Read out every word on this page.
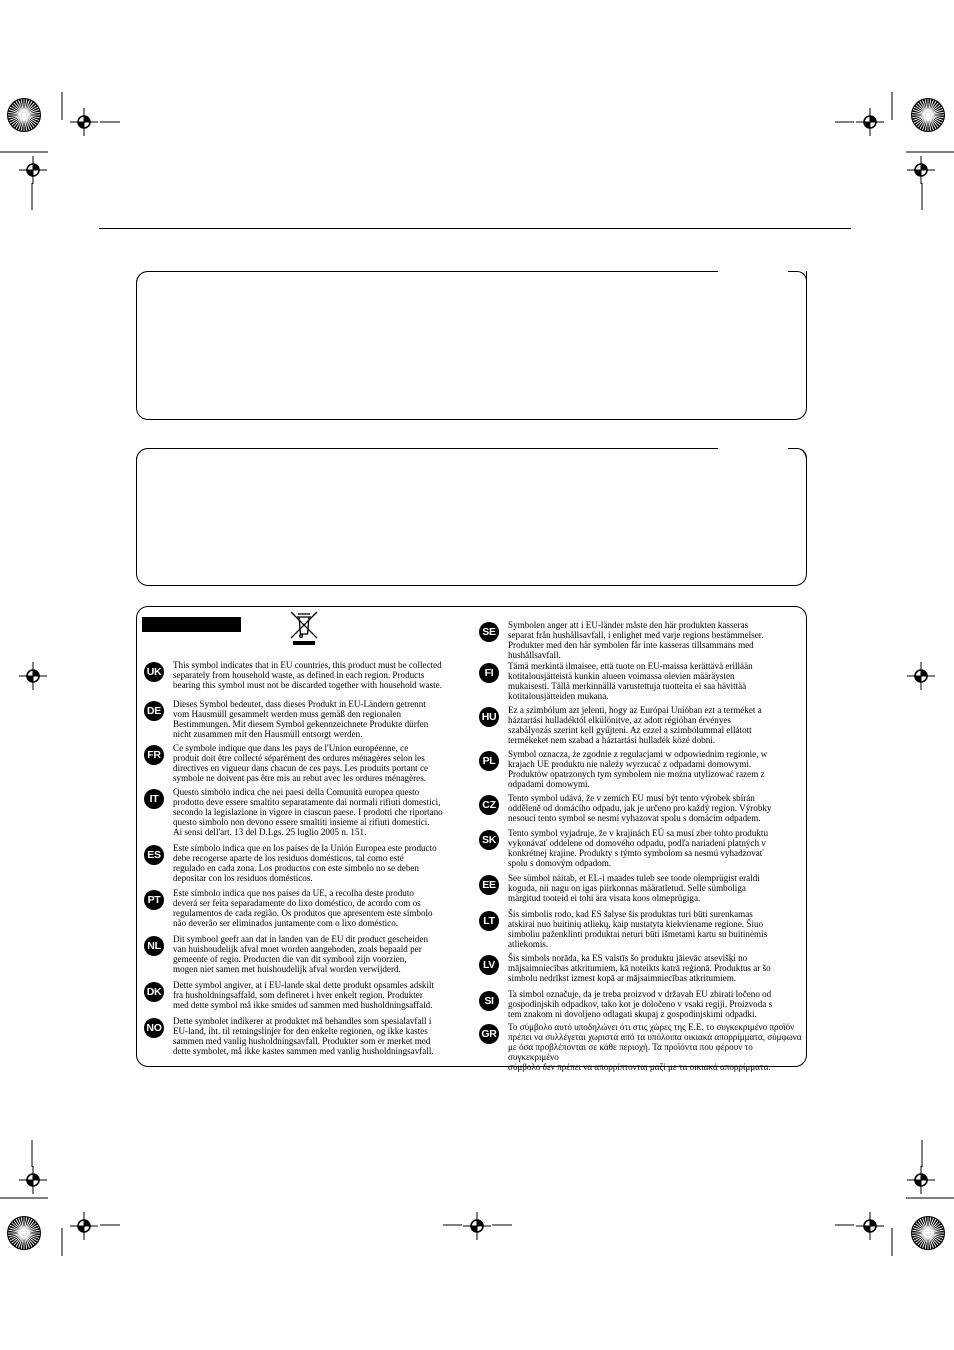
UK
This symbol indicates that in EU countries, this product must be collected
separately from household waste, as defined in each region. Products
bearing this symbol must not be discarded together with household waste.
DE
Dieses Symbol bedeutet, dass dieses Produkt in EU-Ländern getrennt
vom Hausmüll gesammelt werden muss gemäß den regionalen
Bestimmungen. Mit diesem Symbol gekennzeichnete Produkte dürfen
nicht zusammen mit den Hausmüll entsorgt werden.
FR
Ce symbole indique que dans les pays de l'Union européenne, ce
produit doit être collecté séparément des ordures ménagères selon les
directives en vigueur dans chacun de ces pays. Les produits portant ce
symbole ne doivent pas être mis au rebut avec les ordures ménagères.
IT
Questo simbolo indica che nei paesi della Comunità europea questo
prodotto deve essere smaltito separatamente dai normali rifiuti domestici,
secondo la legislazione in vigore in ciascun paese. I prodotti che riportano
questo simbolo non devono essere smaltiti insieme ai rifiuti domestici.
Ai sensi dell'art. 13 del D.Lgs. 25 luglio 2005 n. 151.
ES
Este símbolo indica que en los países de la Unión Europea este producto
debe recogerse aparte de los residuos domésticos, tal como esté
regulado en cada zona. Los productos con este símbolo no se deben
depositar con los residuos domésticos.
PT
Este símbolo indica que nos países da UE, a recolha deste produto
deverá ser feita separadamente do lixo doméstico, de acordo com os
regulamentos de cada região. Os produtos que apresentem este símbolo
não deverão ser eliminados juntamente com o lixo doméstico.
NL
Dit symbool geeft aan dat in landen van de EU dit product gescheiden
van huishoudelijk afval moet worden aangeboden, zoals bepaald per
gemeente of regio. Producten die van dit symbool zijn voorzien,
mogen niet samen met huishoudelijk afval worden verwijderd.
DK
Dette symbol angiver, at i EU-lande skal dette produkt opsamles adskilt
fra husholdningsaffald, som defineret i hver enkelt region. Produkter
med dette symbol må ikke smides ud sammen med husholdningsaffald.
NO
Dette symbolet indikerer at produktet må behandles som spesialavfall i
EU-land, iht. til retningslinjer for den enkelte regionen, og ikke kastes
sammen med vanlig husholdningsavfall. Produkter som er merket med
dette symbolet, må ikke kastes sammen med vanlig husholdningsavfall.
SE
Symbolen anger att i EU-länder måste den här produkten kasseras
separat från hushållsavfall, i enlighet med varje regions bestämmelser.
Produkter med den här symbolen får inte kasseras tillsammans med
hushållsavfall.
FI
Tämä merkintä ilmaisee, että tuote on EU-maissa kerättävä erillään
kotitalousjätteistä kunkin alueen voimassa olevien määräysten
mukaisesti. Tällä merkinnällä varustettuja tuotteita ei saa hävittää
kotitalousjätteiden mukana.
HU
Ez a szimbólum azt jelenti, hogy az Európai Unióban ezt a terméket a
háztartási hulladéktól elkülönítve, az adott régióban érvényes
szabályozás szerint kell gyűjteni. Az ezzel a szimbólummal ellátott
termékeket nem szabad a háztartási hulladék közé dobni.
PL
Symbol oznacza, że zgodnie z regulacjami w odpowiednim regionie, w
krajach UE produktu nie należy wyrzucać z odpadami domowymi.
Produktów opatrzonych tym symbolem nie można utylizować razem z
odpadami domowymi.
CZ
Tento symbol udává, že v zemích EU musí být tento výrobek sbírán
odděleně od domácího odpadu, jak je určeno pro každý region. Výrobky
nesoucí tento symbol se nesmí vyhazovat spolu s domácím odpadem.
SK
Tento symbol vyjadruje, že v krajinách EÚ sa musí zber tohto produktu
vykonávať oddelene od domového odpadu, podľa nariadení platných v
konkrétnej krajine. Produkty s týmto symbolom sa nesmú vyhadzovať
spolu s domovým odpadom.
EE
See sümbol näitab, et EL-i maades tuleb see toode olemprügist eraldi
koguda, nii nagu on igas piirkonnas määratletud. Selle sümboliga
märgitud tooteid ei tohi ära visata koos olmeprügiga.
LT
Šis simbolis rodo, kad ES šalyse šis produktas turi būti surenkamas
atskirai nuo buitinių atliekų, kaip nustatyta kiekviename regione. Šiuo
simboliu paženklinti produktai neturi būti išmetami kartu su buitinėmis
atliekomis.
LV
Šis simbols norāda, ka ES valstīs šo produktu jāievāc atsevišķi no
mājsaimniecības atkritumiem, kā noteikts katrā reģionā. Produktus ar šo
simbolu nedrīkst izmest kopā ar mājsaimniecības atkritumiem.
SI
Ta simbol označuje, da je treba proizvod v državah EU zbirati ločeno od
gospodinjskih odpadkov, tako kot je določeno v vsaki regiji. Proizvoda s
tem znakom ni dovoljeno odlagati skupaj z gospodinjskimi odpadki.
GR
Το σύμβολο αυτό υποδηλώνει ότι στις χώρες της Ε.Ε. το συγκεκριμένο προϊόν
πρέπει να συλλέγεται χωριστά από τα υπόλοιπα οικιακά απορρίμματα, σύμφωνα
με όσα προβλέπονται σε κάθε περιοχή. Τα προϊόντα που φέρουν το συγκεκριμένο
σύμβολο δεν πρέπει να απορρίπτονται μαζί με τα οικιακά απορρίμματα.
